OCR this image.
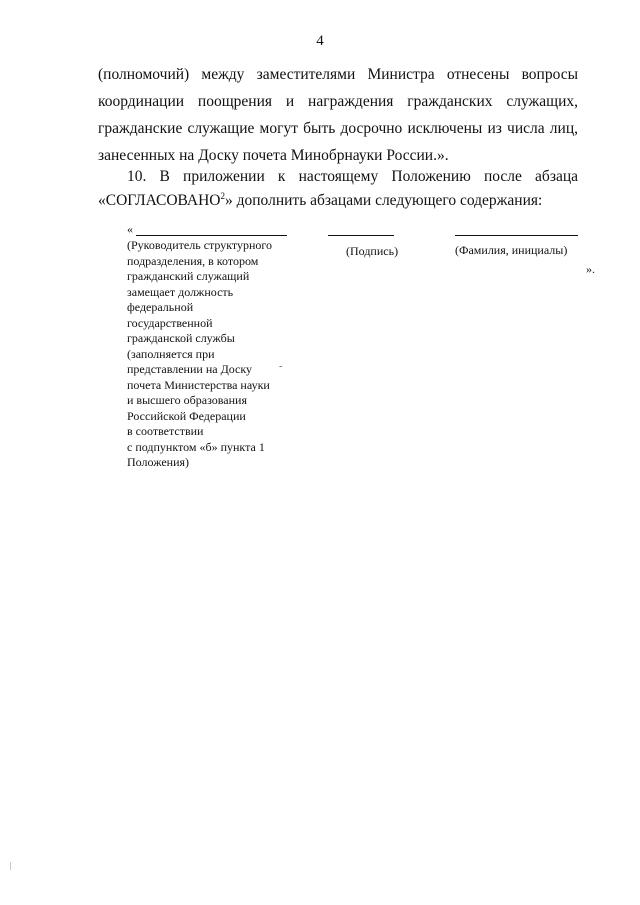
4
(полномочий) между заместителями Министра отнесены вопросы
координации поощрения и награждения гражданских служащих,
гражданские служащие могут быть досрочно исключены из числа лиц,
занесенных на Доску почета Минобрнауки России.».
10. В приложении к настоящему Положению после абзаца
«СОГЛАСОВАНО$^2$» дополнить абзацами следующего содержания:
«
(Руководитель структурного
подразделения, в котором
гражданский служащий
замещает должность
федеральной
государственной
гражданской службы
(заполняется при
представлении на Доску
почета Министерства науки
и высшего образования
Российской Федерации
в соответствии
с подпунктом «б» пункта 1
Положения)
(Подпись)	(Фамилия, инициалы)
».
-
